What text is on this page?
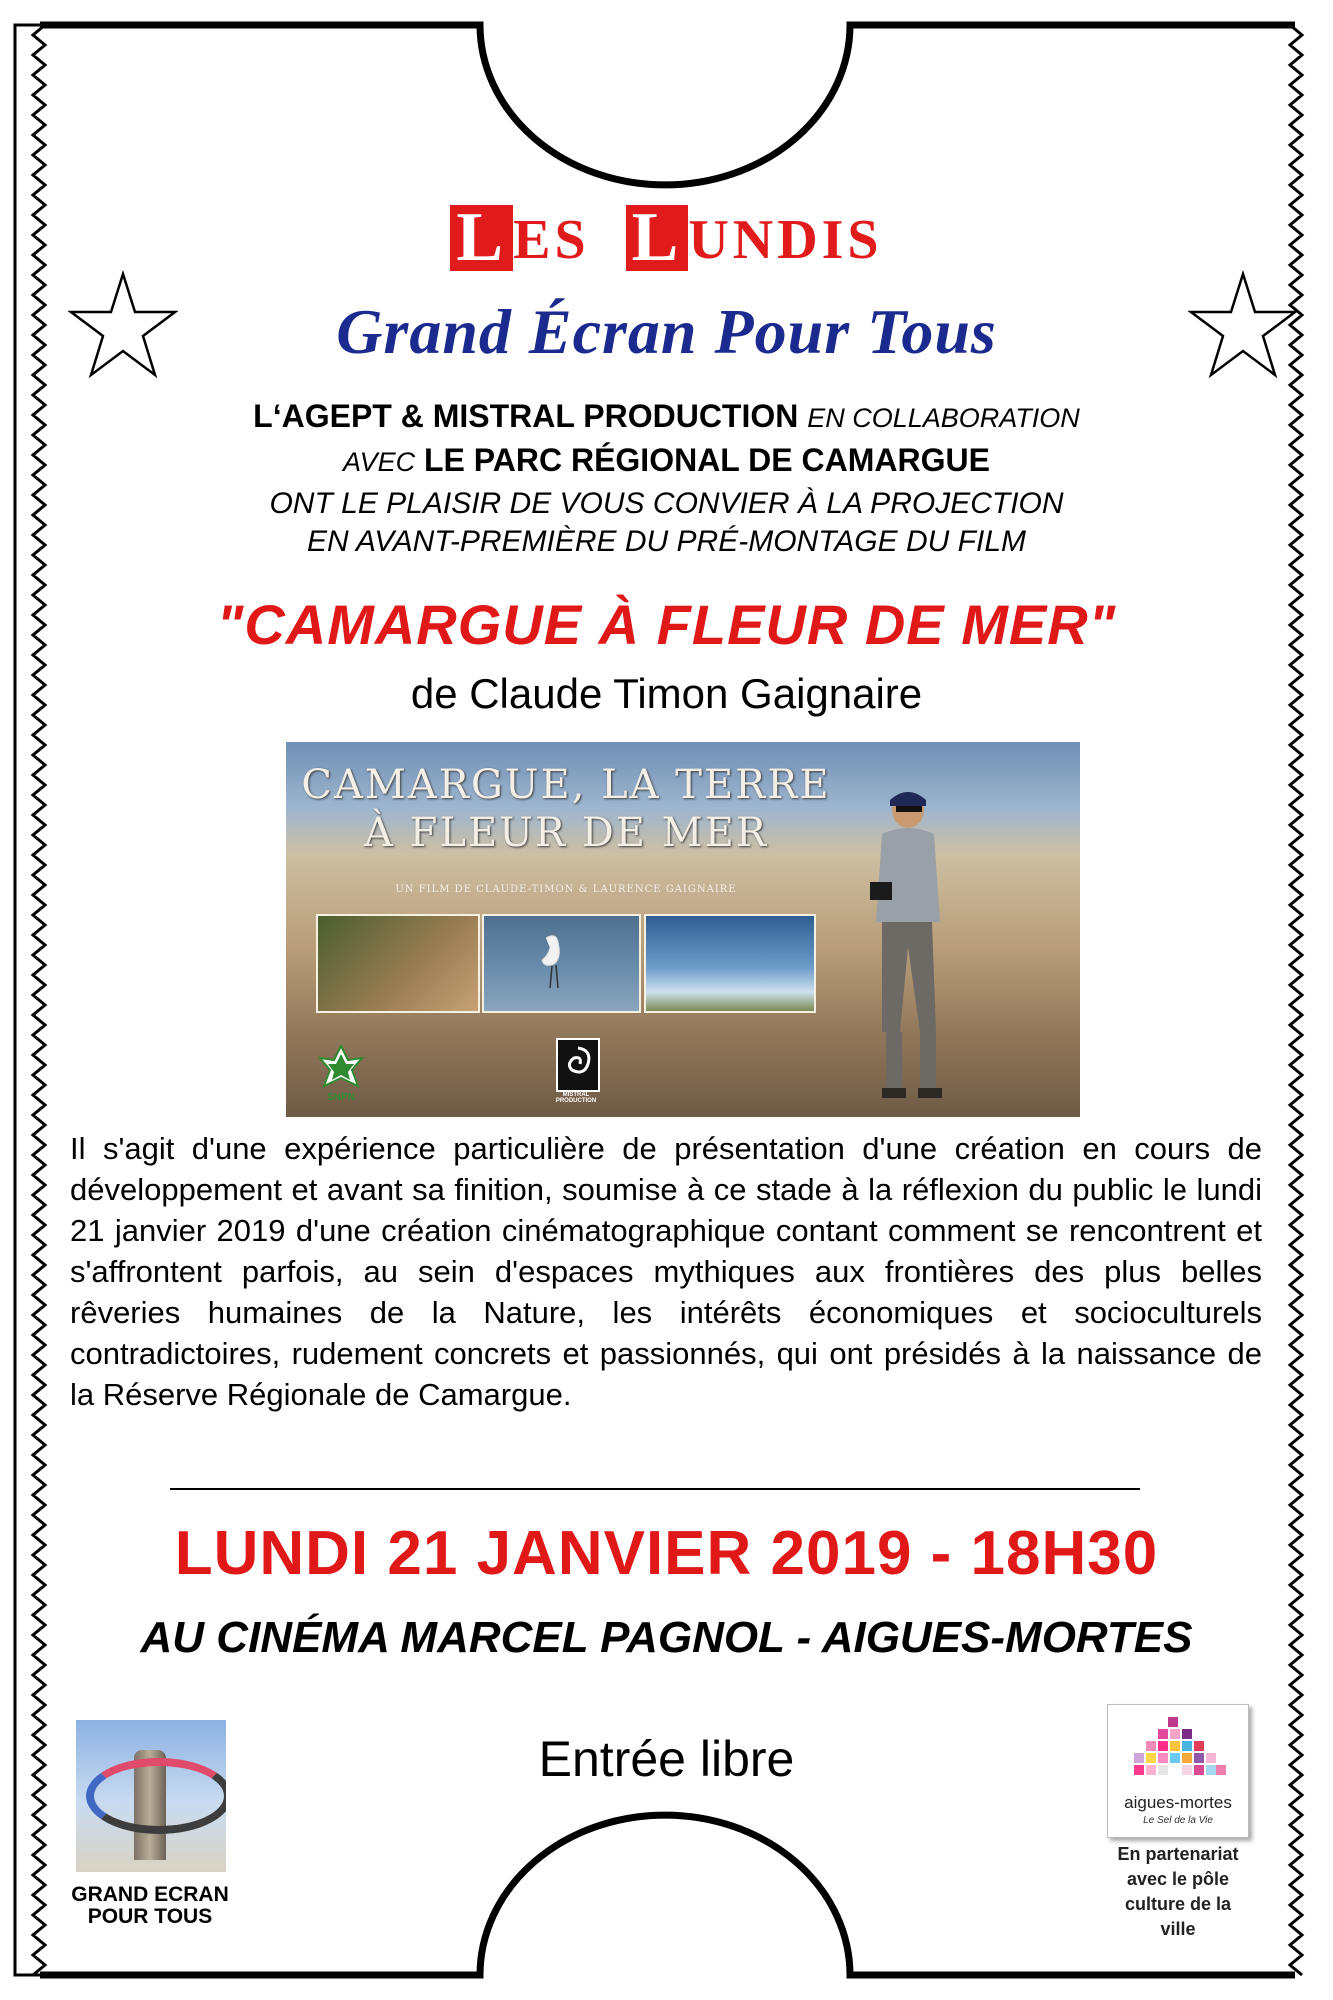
L ES L UNDIS
Grand Écran Pour Tous
L‘AGEPT & MISTRAL PRODUCTION EN COLLABORATION
AVEC LE PARC RÉGIONAL DE CAMARGUE
ONT LE PLAISIR DE VOUS CONVIER À LA PROJECTION
EN AVANT-PREMIÈRE DU PRÉ-MONTAGE DU FILM
"CAMARGUE À FLEUR DE MER"
de Claude Timon Gaignaire
CAMARGUE, LA TERRE
À FLEUR DE MER
UN FILM DE CLAUDE-TIMON & LAURENCE GAIGNAIRE
SNPN	MISTRAL PRODUCTION
Il s'agit d'une expérience particulière de présentation d'une création en cours de développement et avant sa finition, soumise à ce stade à la réflexion du public le lundi 21 janvier 2019 d'une création cinématographique contant comment se rencontrent et s'affrontent parfois, au sein d'espaces mythiques aux frontières des plus belles rêveries humaines de la Nature, les intérêts économiques et socioculturels contradictoires, rudement concrets et passionnés, qui ont présidés à la naissance de la Réserve Régionale de Camargue.
LUNDI 21 JANVIER 2019 - 18H30
AU CINÉMA MARCEL PAGNOL - AIGUES-MORTES
Entrée libre
GRAND ECRAN
POUR TOUS
aigues-mortes
Le Sel de la Vie
En partenariat
avec le pôle
culture de la
ville
